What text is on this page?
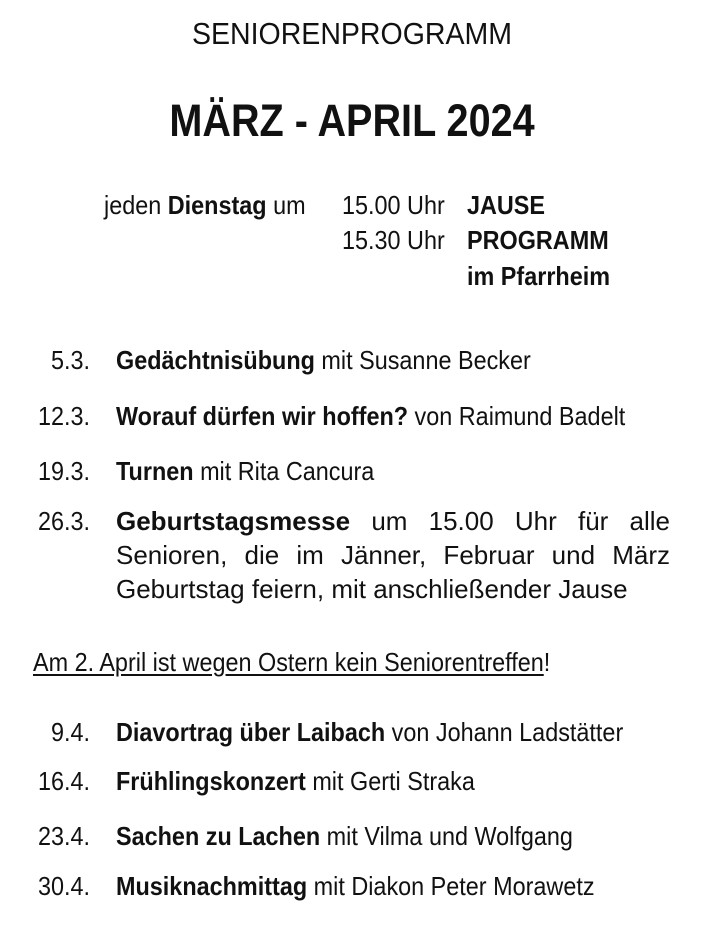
SENIORENPROGRAMM
MÄRZ - APRIL 2024
jeden Dienstag um 15.00 Uhr JAUSE
15.30 Uhr PROGRAMM
im Pfarrheim
5.3. Gedächtnisübung mit Susanne Becker
12.3. Worauf dürfen wir hoffen? von Raimund Badelt
19.3. Turnen mit Rita Cancura
26.3. Geburtstagsmesse um 15.00 Uhr für alle
Senioren, die im Jänner, Februar und März
Geburtstag feiern, mit anschließender Jause
Am 2. April ist wegen Ostern kein Seniorentreffen!
9.4. Diavortrag über Laibach von Johann Ladstätter
16.4. Frühlingskonzert mit Gerti Straka
23.4. Sachen zu Lachen mit Vilma und Wolfgang
30.4. Musiknachmittag mit Diakon Peter Morawetz
